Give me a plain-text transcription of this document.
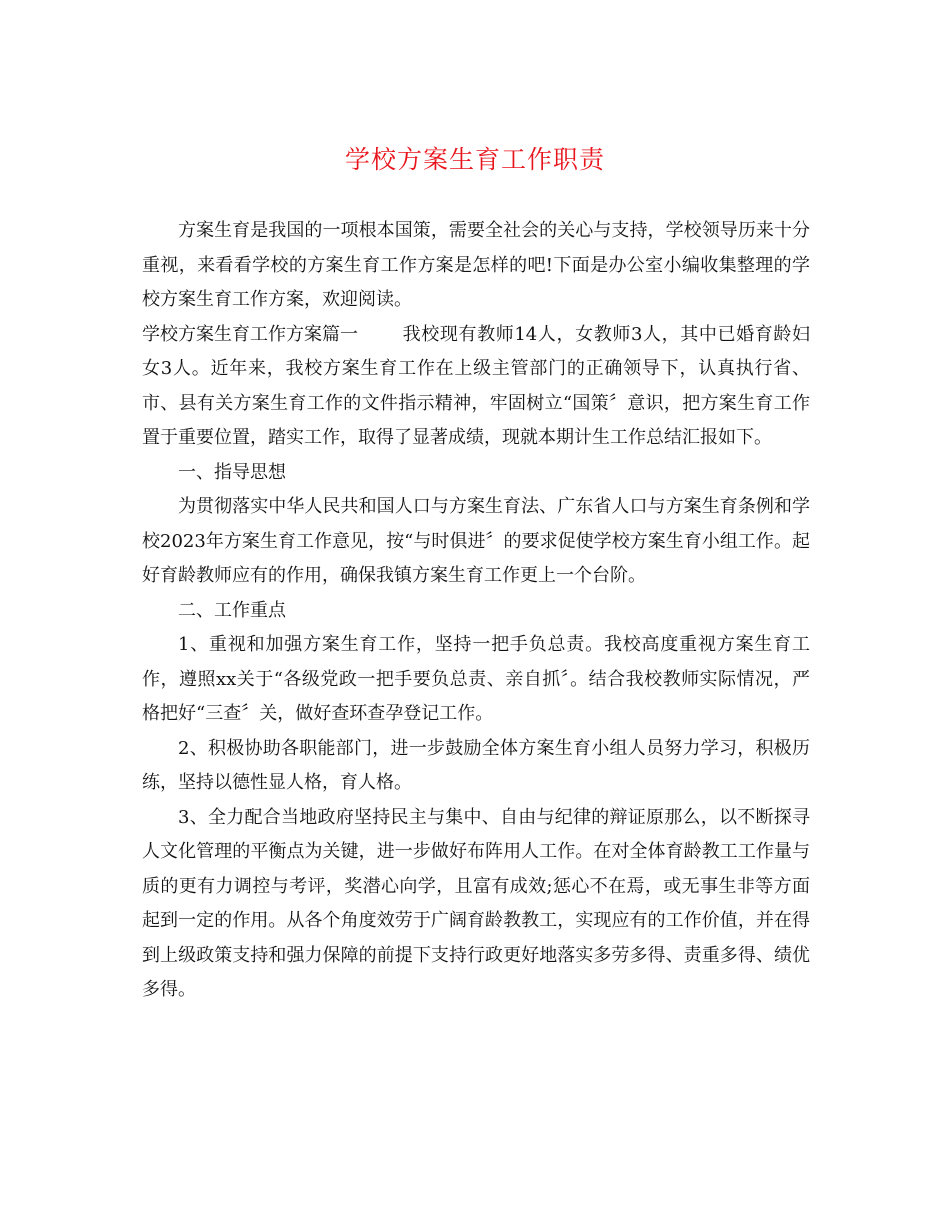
学校方案生育工作职责

方案生育是我国的一项根本国策，需要全社会的关心与支持，学校领导历来十分重视，来看看学校的方案生育工作方案是怎样的吧!下面是办公室小编收集整理的学校方案生育工作方案，欢迎阅读。

学校方案生育工作方案篇一 我校现有教师14人，女教师3人，其中已婚育龄妇女3人。近年来，我校方案生育工作在上级主管部门的正确领导下，认真执行省、市、县有关方案生育工作的文件指示精神，牢固树立“国策〞意识，把方案生育工作置于重要位置，踏实工作，取得了显著成绩，现就本期计生工作总结汇报如下。

一、指导思想

为贯彻落实中华人民共和国人口与方案生育法、广东省人口与方案生育条例和学校2023年方案生育工作意见，按“与时俱进〞的要求促使学校方案生育小组工作。起好育龄教师应有的作用，确保我镇方案生育工作更上一个台阶。

二、工作重点

1、重视和加强方案生育工作，坚持一把手负总责。我校高度重视方案生育工作，遵照xx关于“各级党政一把手要负总责、亲自抓〞。结合我校教师实际情况，严格把好“三查〞关，做好查环查孕登记工作。

2、积极协助各职能部门，进一步鼓励全体方案生育小组人员努力学习，积极历练，坚持以德性显人格，育人格。

3、全力配合当地政府坚持民主与集中、自由与纪律的辩证原那么，以不断探寻人文化管理的平衡点为关键，进一步做好布阵用人工作。在对全体育龄教工工作量与质的更有力调控与考评，奖潜心向学，且富有成效;惩心不在焉，或无事生非等方面起到一定的作用。从各个角度效劳于广阔育龄教教工，实现应有的工作价值，并在得到上级政策支持和强力保障的前提下支持行政更好地落实多劳多得、责重多得、绩优多得。
